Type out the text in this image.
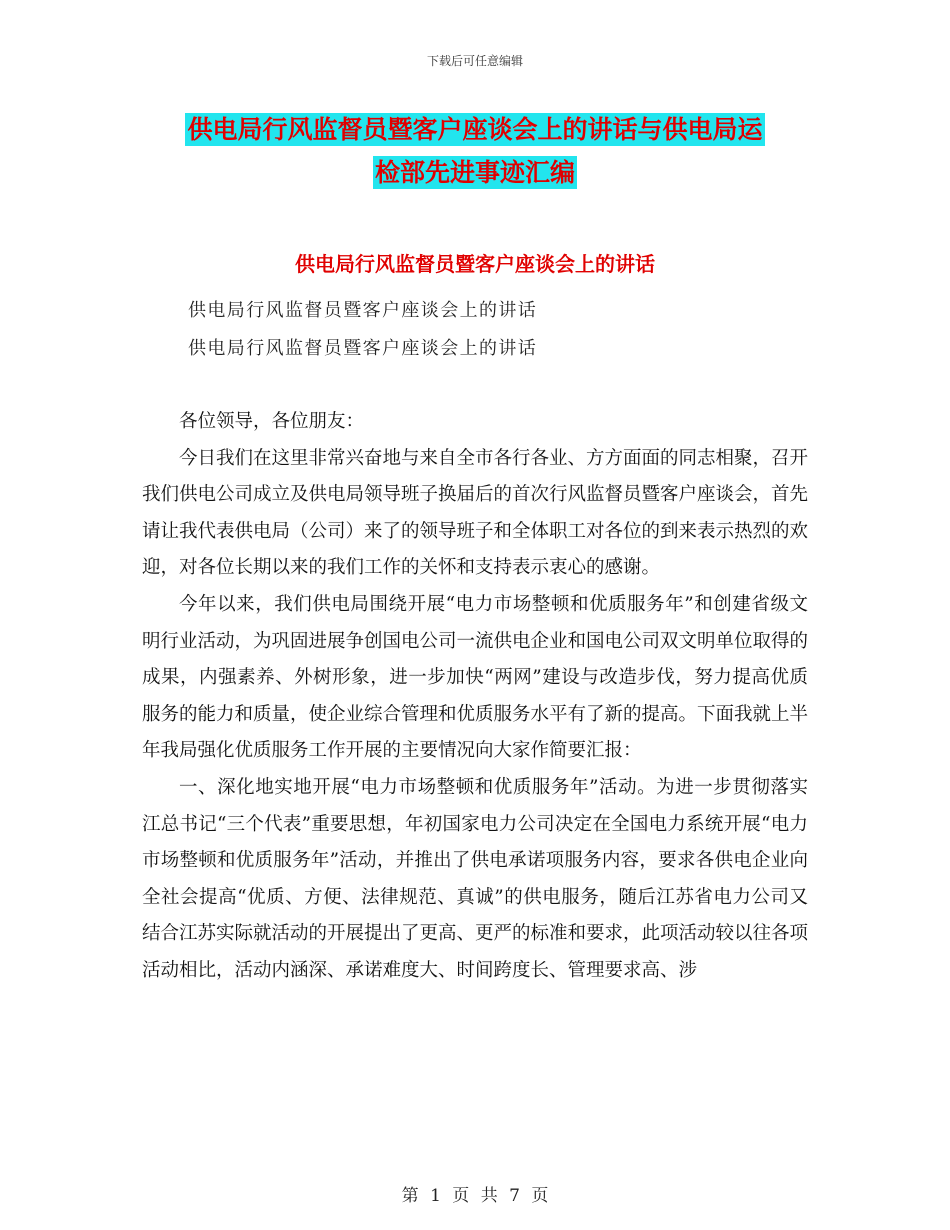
下载后可任意编辑
供电局行风监督员暨客户座谈会上的讲话与供电局运
检部先进事迹汇编
供电局行风监督员暨客户座谈会上的讲话
供电局行风监督员暨客户座谈会上的讲话
供电局行风监督员暨客户座谈会上的讲话

各位领导，各位朋友：

今日我们在这里非常兴奋地与来自全市各行各业、方方面面的同志相聚，召开我们供电公司成立及供电局领导班子换届后的首次行风监督员暨客户座谈会，首先请让我代表供电局（公司）来了的领导班子和全体职工对各位的到来表示热烈的欢迎，对各位长期以来的我们工作的关怀和支持表示衷心的感谢。

今年以来，我们供电局围绕开展“电力市场整顿和优质服务年”和创建省级文明行业活动，为巩固进展争创国电公司一流供电企业和国电公司双文明单位取得的成果，内强素养、外树形象，进一步加快“两网”建设与改造步伐，努力提高优质服务的能力和质量，使企业综合管理和优质服务水平有了新的提高。下面我就上半年我局强化优质服务工作开展的主要情况向大家作简要汇报：

一、深化地实地开展“电力市场整顿和优质服务年”活动。为进一步贯彻落实江总书记“三个代表”重要思想，年初国家电力公司决定在全国电力系统开展“电力市场整顿和优质服务年”活动，并推出了供电承诺项服务内容，要求各供电企业向全社会提高“优质、方便、法律规范、真诚”的供电服务，随后江苏省电力公司又结合江苏实际就活动的开展提出了更高、更严的标准和要求，此项活动较以往各项活动相比，活动内涵深、承诺难度大、时间跨度长、管理要求高、涉

第 1 页 共 7 页
